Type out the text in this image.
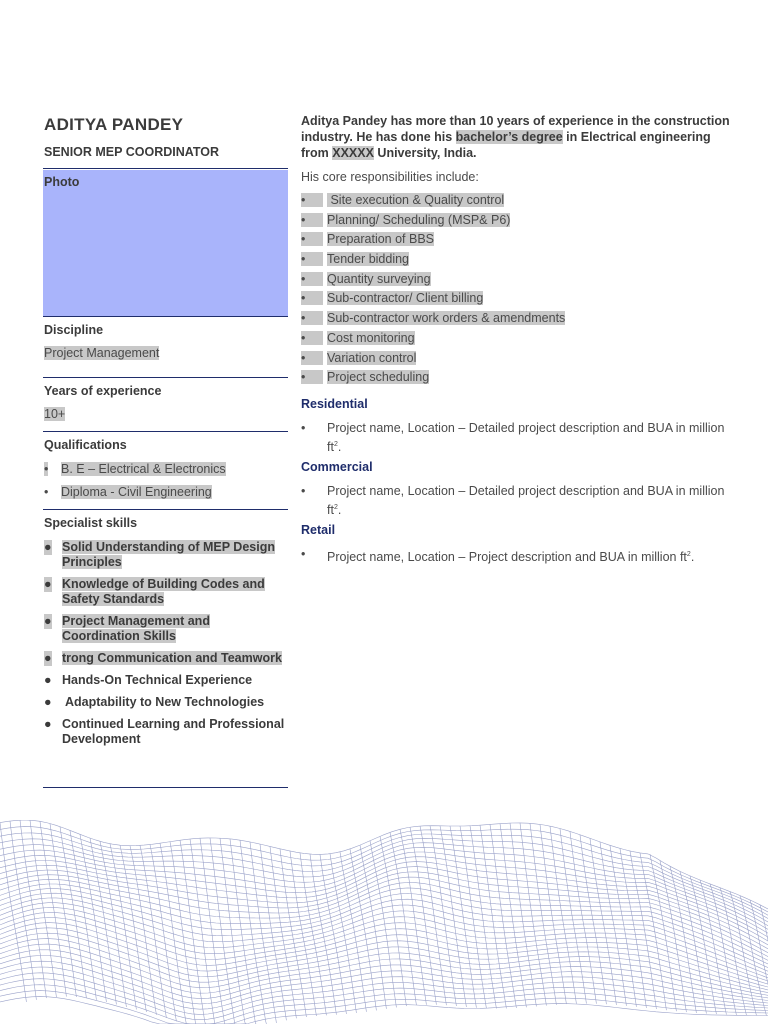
ADITYA PANDEY
SENIOR MEP COORDINATOR
Photo
Discipline
Project Management
Years of experience
10+
Qualifications
• B. E – Electrical & Electronics
• Diploma - Civil Engineering
Specialist skills
● Solid Understanding of MEP Design Principles
● Knowledge of Building Codes and Safety Standards
● Project Management and Coordination Skills
● trong Communication and Teamwork
● Hands-On Technical Experience
● Adaptability to New Technologies
● Continued Learning and Professional Development
Aditya Pandey has more than 10 years of experience in the construction industry. He has done his bachelor’s degree in Electrical engineering from XXXXX University, India.
His core responsibilities include:
• Site execution & Quality control
• Planning/ Scheduling (MSP& P6)
• Preparation of BBS
• Tender bidding
• Quantity surveying
• Sub-contractor/ Client billing
• Sub-contractor work orders & amendments
• Cost monitoring
• Variation control
• Project scheduling
Residential
• Project name, Location – Detailed project description and BUA in million $ft^2$.
Commercial
• Project name, Location – Detailed project description and BUA in million $ft^2$.
Retail
• Project name, Location – Project description and BUA in million $ft^2$.
